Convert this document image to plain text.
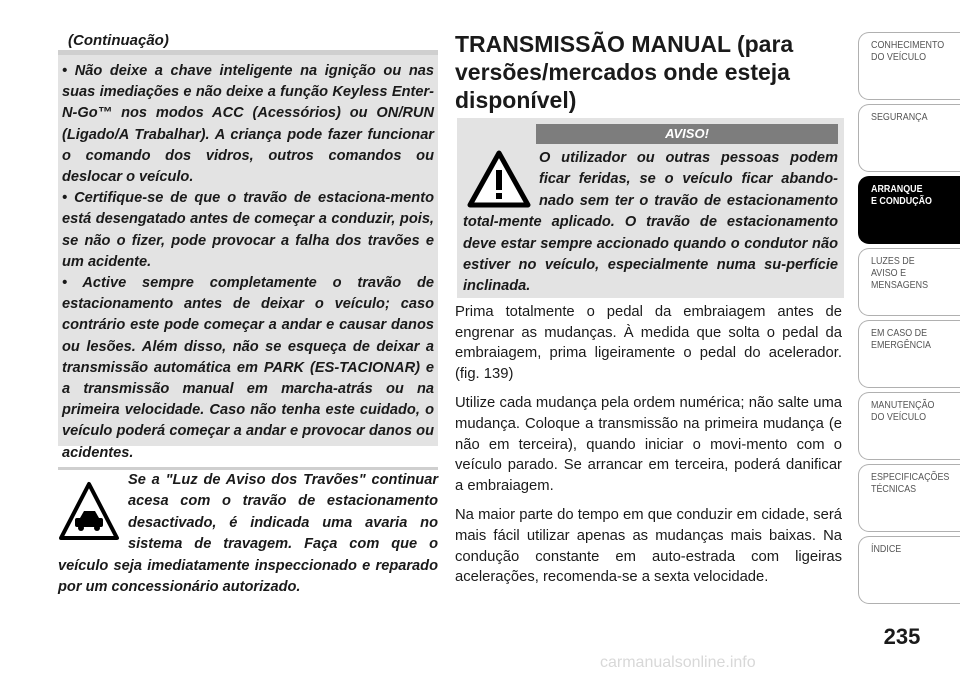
(Continuação)

• Não deixe a chave inteligente na ignição ou nas suas imediações e não deixe a função Keyless Enter-N-Go™ nos modos ACC (Acessórios) ou ON/RUN (Ligado/A Trabalhar). A criança pode fazer funcionar o comando dos vidros, outros comandos ou deslocar o veículo.

• Certifique-se de que o travão de estaciona-mento está desengatado antes de começar a conduzir, pois, se não o fizer, pode provocar a falha dos travões e um acidente.

• Active sempre completamente o travão de estacionamento antes de deixar o veículo; caso contrário este pode começar a andar e causar danos ou lesões. Além disso, não se esqueça de deixar a transmissão automática em PARK (ES-TACIONAR) e a transmissão manual em marcha-atrás ou na primeira velocidade. Caso não tenha este cuidado, o veículo poderá começar a andar e provocar danos ou acidentes.

Se a "Luz de Aviso dos Travões" continuar acesa com o travão de estacionamento desactivado, é indicada uma avaria no sistema de travagem. Faça com que o veículo seja imediatamente inspeccionado e reparado por um concessionário autorizado.

TRANSMISSÃO MANUAL (para versões/mercados onde esteja disponível)
AVISO!

O utilizador ou outras pessoas podem ficar feridas, se o veículo ficar abando-nado sem ter o travão de estacionamento total-mente aplicado. O travão de estacionamento deve estar sempre accionado quando o condutor não estiver no veículo, especialmente numa su-perfície inclinada.

Prima totalmente o pedal da embraiagem antes de engrenar as mudanças. À medida que solta o pedal da embraiagem, prima ligeiramente o pedal do acelerador. (fig. 139)

Utilize cada mudança pela ordem numérica; não salte uma mudança. Coloque a transmissão na primeira mudança (e não em terceira), quando iniciar o movi-mento com o veículo parado. Se arrancar em terceira, poderá danificar a embraiagem.

Na maior parte do tempo em que conduzir em cidade, será mais fácil utilizar apenas as mudanças mais baixas. Na condução constante em auto-estrada com ligeiras acelerações, recomenda-se a sexta velocidade.

CONHECIMENTO
DO VEÍCULO
SEGURANÇA
ARRANQUE
E CONDUÇÃO
LUZES DE
AVISO E
MENSAGENS
EM CASO DE
EMERGÊNCIA
MANUTENÇÃO
DO VEÍCULO
ESPECIFICAÇÕES
TÉCNICAS
ÍNDICE
235
carmanualsonline.info
